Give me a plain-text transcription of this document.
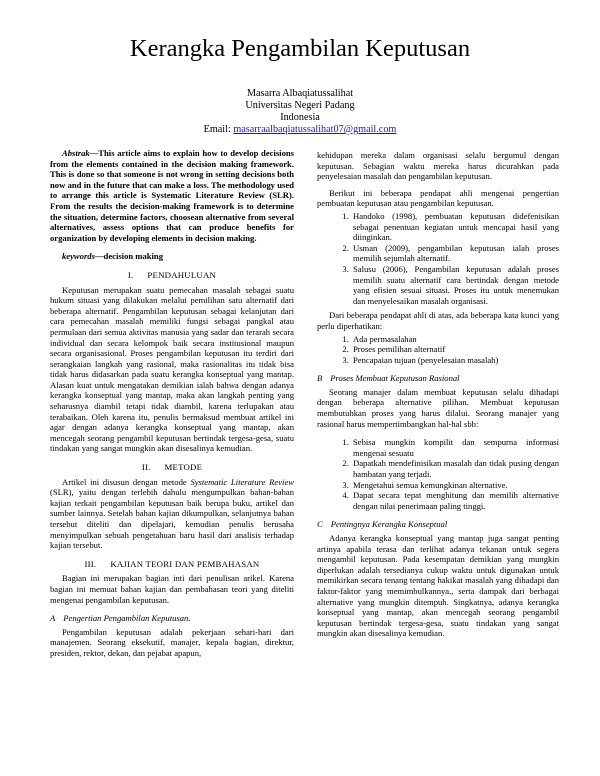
Kerangka Pengambilan Keputusan
Masarra Albaqiatussalihat
Universitas Negeri Padang
Indonesia
Email: masarraalbaqiatussalihat07@gmail.com

Abstrak—This article aims to explain how to develop decisions from the elements contained in the decision making framework. This is done so that someone is not wrong in setting decisions both now and in the future that can make a loss. The methodology used to arrange this article is Systematic Literature Review (SLR). From the results the decision-making framework is to determine the situation, determine factors, choosean alternative from several alternatives, assess options that can produce benefits for organization by developing elements in decision making.

keywords—decision making

I. PENDAHULUAN

Keputusan merupakan suatu pemecahan masalah sebagai suatu hukum situasi yang dilakukan melalui pemilihan satu alternatif dari beberapa alternatif. Pengambilan keputusan sebagai kelanjutan dari cara pemecahan masalah memiliki fungsi sebagai pangkal atau permulaan dari semua aktivitas manusia yang sadar dan terarah secara individual dan secara kelompok baik secara institusional maupun secara organisasional. Proses pengambilan keputusan itu terdiri dari serangkaian langkah yang rasional, maka rasionalitas itu tidak bisa tidak harus didasarkan pada suatu kerangka konseptual yang mantap. Alasan kuat untuk mengatakan demikian ialah bahwa dengan adanya kerangka konseptual yang mantap, maka akan langkah penting yang seharusnya diambil tetapi tidak diambil, karena terlupakan atau terabaikan. Oleh karena itu, penulis bermaksud membuat artikel ini agar dengan adanya kerangka konseptual yang mantap, akan mencegah seorang pengambil keputusan bertindak tergesa-gesa, suatu tindakan yang sangat mungkin akan disesalinya kemudian.

II. METODE

Artikel ini disusun dengan metode Systematic Literature Review (SLR), yaitu dengan terlebih dahulu mengumpulkan bahan-bahan kajian terkait pengambilan keputusan baik berupa buku, artikel dan sumber lainnya. Setelah bahan kajian dikumpulkan, selanjutnya bahan tersebut diteliti dan dipelajari, kemudian penulis berusaha menyimpulkan sebuah pengetahuan baru hasil dari analisis terhadap kajian tersebut.

III. KAJIAN TEORI DAN PEMBAHASAN

Bagian ini merupakan bagian inti dari penulisan arikel. Karena bagian ini memuat bahan kajian dan pembahasan teori yang diteliti mengenai pengambilan keputusan.

A Pengertian Pengambilan Keputusan.

Pengambilan keputusan adalah pekerjaan sehari-hari dari manajemen. Seorang eksekutif, manajer, kepala bagian, direktur, presiden, rektor, dekan, dan pejabat apapun,

kehidupan mereka dalam organisasi selalu bergumul dengan keputusan. Sebagian waktu mereka harus dicurahkan pada penyelesaian masalah dan pengambilan keputusan.

Berikut ini beberapa pendapat ahli mengenai pengertian pembuatan keputusan atau pengambilan keputusan.

1. Handoko (1998), pembuatan keputusan didefenisikan sebagai penentuan kegiatan untuk mencapai hasil yang diinginkan.
2. Usman (2009), pengambilan keputusan ialah proses memilih sejumlah alternatif.
3. Salusu (2006), Pengambilan keputusan adalah proses memilih suatu alternatif cara bertindak dengan metode yang efisien sesuai situasi. Proses itu untuk menemukan dan menyelesaikan masalah organisasi.

Dari beberapa pendapat ahli di atas, ada beberapa kata kunci yang perlu diperhatikan:

1. Ada permasalahan
2. Proses pemilihan alternatif
3. Pencapaian tujuan (penyelesaian masalah)
B Proses Membuat Keputusan Rasional

Seorang manajer dalam membuat keputusan selalu dihadapi dengan beberapa alternative pilihan. Membuat keputusan membutuhkan proses yang harus dilalui. Seorang manajer yang rasional harus mempertimbangkan hal-hal sbb:

1. Sebisa mungkin kompilit dan sempurna informasi mengenai sesuatu
2. Dapatkah mendefinisikan masalah dan tidak pusing dengan hambatan yang terjadi.
3. Mengetahui semua kemungkinan alternative.
4. Dapat secara tepat menghitung dan memilih alternative dengan nilai penerimaan paling tinggi.
C Pentingnya Kerangka Konseptual

Adanya kerangka konseptual yang mantap juga sangat penting artinya apabila terasa dan terlihat adanya tekanan untuk segera mengambil keputusan. Pada kesempatan demikian yang mungkin diperlukan adalah tersedianya cukup waktu untuk digunakan untuk memikirkan secara tenang tentang hakikat masalah yang dihadapi dan faktor-faktor yang memimbulkannya., serta dampak dari berbagai alternative yang mungkin ditempuh. Singkatnya, adanya kerangka konseptual yang mantap, akan mencegah seorang pengambil keputusan bertindak tergesa-gesa, suatu tindakan yang sangat mungkin akan disesalinya kemudian.
